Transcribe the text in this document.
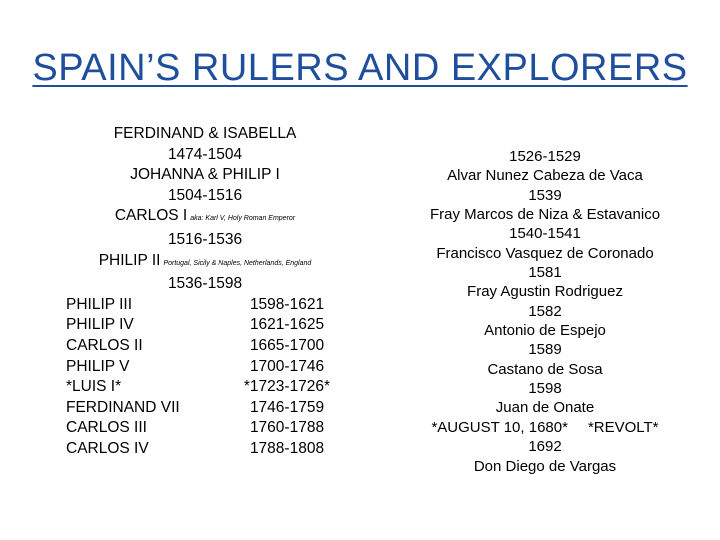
SPAIN’S RULERS AND EXPLORERS
FERDINAND & ISABELLA
1474-1504
JOHANNA & PHILIP I
1504-1516
CARLOS I aka: Karl V, Holy Roman Emperor
1516-1536
PHILIP II Portugal, Sicily & Naples, Netherlands, England
1536-1598
PHILIP III	1598-1621
PHILIP IV	1621-1625
CARLOS II	1665-1700
PHILIP V	1700-1746
*LUIS I*	*1723-1726*
FERDINAND VII	1746-1759
CARLOS III	1760-1788
CARLOS IV	1788-1808
1526-1529
Alvar Nunez Cabeza de Vaca
1539
Fray Marcos de Niza & Estavanico
1540-1541
Francisco Vasquez de Coronado
1581
Fray Agustin Rodriguez
1582
Antonio de Espejo
1589
Castano de Sosa
1598
Juan de Onate
*AUGUST 10, 1680* *REVOLT*
1692
Don Diego de Vargas
